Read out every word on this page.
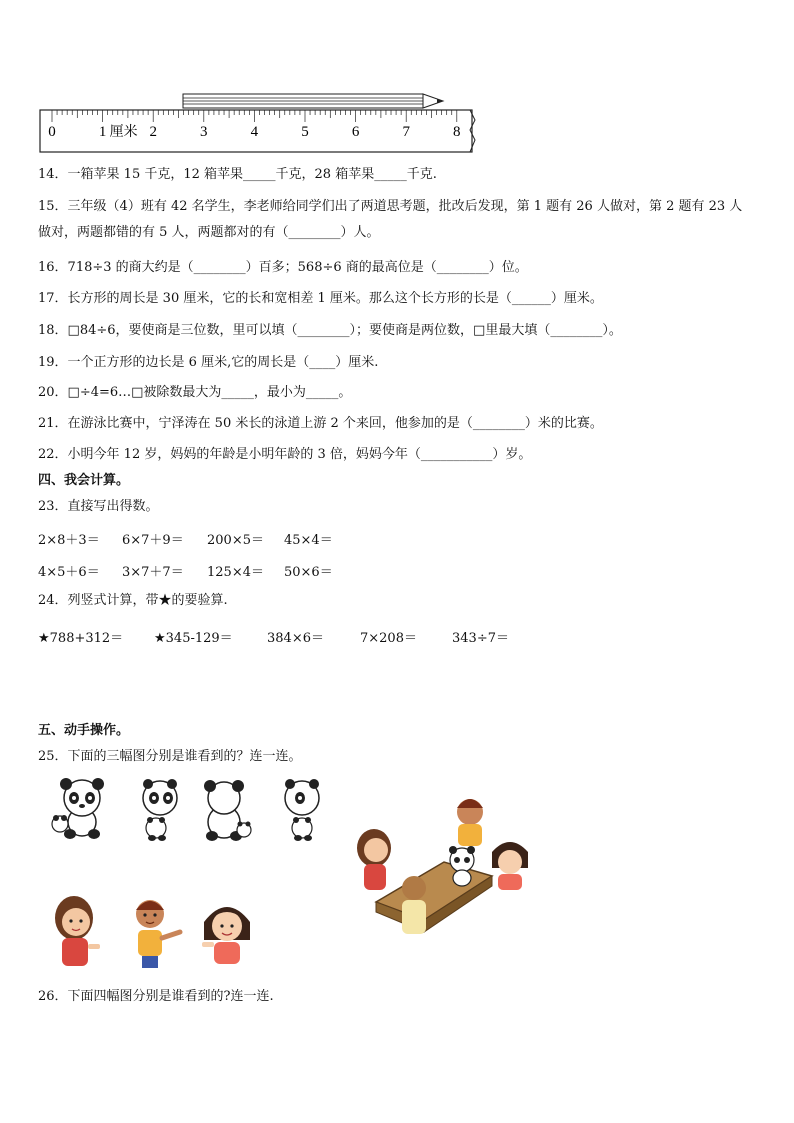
0	1 厘米 2	3	4	5	6	7	8
14．一箱苹果 15 千克，12 箱苹果_____千克，28 箱苹果_____千克.
15．三年级（4）班有 42 名学生，李老师给同学们出了两道思考题，批改后发现，第 1 题有 26 人做对，第 2 题有 23 人做对，两题都错的有 5 人，两题都对的有（________）人。
16．718÷3 的商大约是（________）百多；568÷6 商的最高位是（________）位。
17．长方形的周长是 30 厘米，它的长和宽相差 1 厘米。那么这个长方形的长是（______）厘米。
18．□84÷6，要使商是三位数，里可以填（________）；要使商是两位数，□里最大填（________）。
19．一个正方形的边长是 6 厘米,它的周长是（____）厘米.
20．□÷4=6…□被除数最大为_____，最小为_____。
21．在游泳比赛中，宁泽涛在 50 米长的泳道上游 2 个来回，他参加的是（________）米的比赛。
22．小明今年 12 岁，妈妈的年龄是小明年龄的 3 倍，妈妈今年（___________）岁。
四、我会计算。
23．直接写出得数。
2×8＋3＝ 6×7＋9＝ 200×5＝ 45×4＝
4×5＋6＝ 3×7＋7＝ 125×4＝ 50×6＝
24．列竖式计算，带★的要验算.
★788+312＝ ★345-129＝	384×6＝	7×208＝	343÷7＝
五、动手操作。
25．下面的三幅图分别是谁看到的？连一连。
26．下面四幅图分别是谁看到的?连一连.
